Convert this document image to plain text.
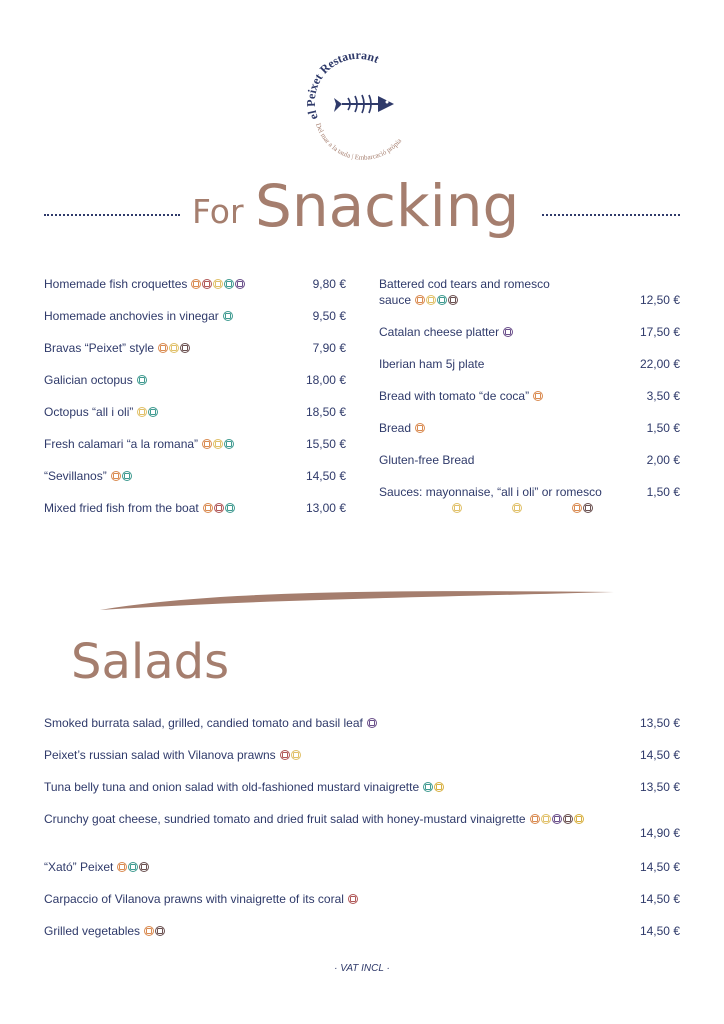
el Peixet Restaurant
Del mar a la taula | Embarcació pròpia
For Snacking
Homemade fish croquettes	9,80 €
Homemade anchovies in vinegar	9,50 €
Bravas “Peixet” style	7,90 €
Galician octopus	18,00 €
Octopus “all i oli”	18,50 €
Fresh calamari “a la romana”	15,50 €
“Sevillanos”	14,50 €
Mixed fried fish from the boat	13,00 €
Battered cod tears and romesco
sauce	12,50 €
Catalan cheese platter	17,50 €
Iberian ham 5j plate	22,00 €
Bread with tomato “de coca”	3,50 €
Bread	1,50 €
Gluten-free Bread	2,00 €
Sauces: mayonnaise, “all i oli” or romesco	1,50 €
Salads
Smoked burrata salad, grilled, candied tomato and basil leaf	13,50 €
Peixet’s russian salad with Vilanova prawns	14,50 €
Tuna belly tuna and onion salad with old-fashioned mustard vinaigrette	13,50 €
Crunchy goat cheese, sundried tomato and dried fruit salad with honey-mustard vinaigrette
14,90 €
“Xató” Peixet	14,50 €
Carpaccio of Vilanova prawns with vinaigrette of its coral	14,50 €
Grilled vegetables	14,50 €
· VAT INCL ·
